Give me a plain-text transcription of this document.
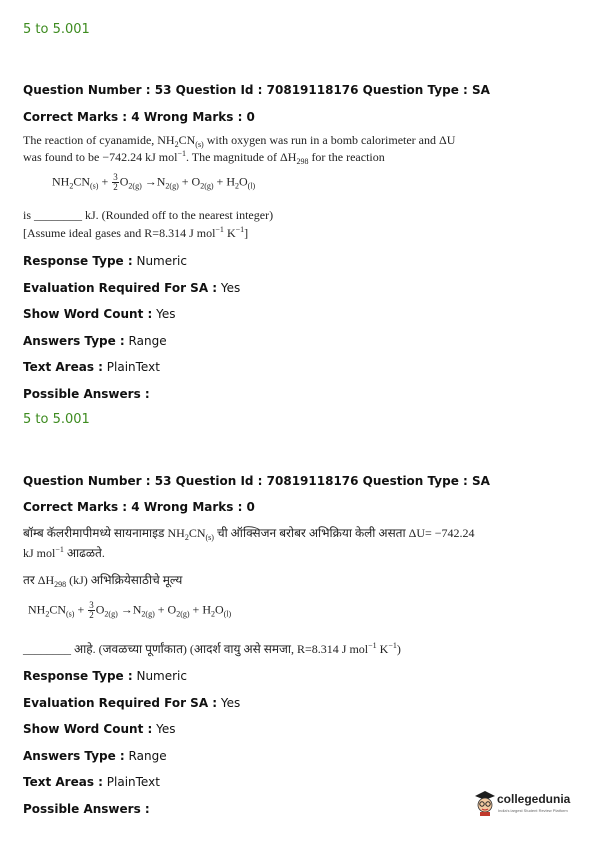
5 to 5.001
Question Number : 53 Question Id : 70819118176 Question Type : SA
Correct Marks : 4 Wrong Marks : 0
The reaction of cyanamide, $NH_2CN_{(s)}$ with oxygen was run in a bomb calorimeter and ΔU
was found to be −742.24 kJ mol$^{-1}$. The magnitude of $\Delta H_{298}$ for the reaction
$NH_2CN_{(s)} + \frac{3}{2} O_{2(g)} \to N_{2(g)} + O_{2(g)} + H_2O_{(l)}$
is ________ kJ. (Rounded off to the nearest integer)
[Assume ideal gases and R=8.314 J mol$^{-1}$ $K^{-1}$]
Response Type : Numeric
Evaluation Required For SA : Yes
Show Word Count : Yes
Answers Type : Range
Text Areas : PlainText
Possible Answers :
5 to 5.001
Question Number : 53 Question Id : 70819118176 Question Type : SA
Correct Marks : 4 Wrong Marks : 0
बॉम्ब कॅलरीमापीमध्ये सायनामाइड $NH_2CN_{(s)}$ ची ऑक्सिजन बरोबर अभिक्रिया केली असता ΔU= −742.24
kJ mol$^{-1}$ आढळते.
तर $\Delta H_{298}$ (kJ) अभिक्रियेसाठीचे मूल्य
$NH_2CN_{(s)} + \frac{3}{2} O_{2(g)} \to N_{2(g)} + O_{2(g)} + H_2O_{(l)}$
________ आहे. (जवळच्या पूर्णांकात) (आदर्श वायु असे समजा, R=8.314 J mol$^{-1}$ $K^{-1}$)
Response Type : Numeric
Evaluation Required For SA : Yes
Show Word Count : Yes
Answers Type : Range
Text Areas : PlainText
Possible Answers :
collegedunia
India's largest Student Review Platform
